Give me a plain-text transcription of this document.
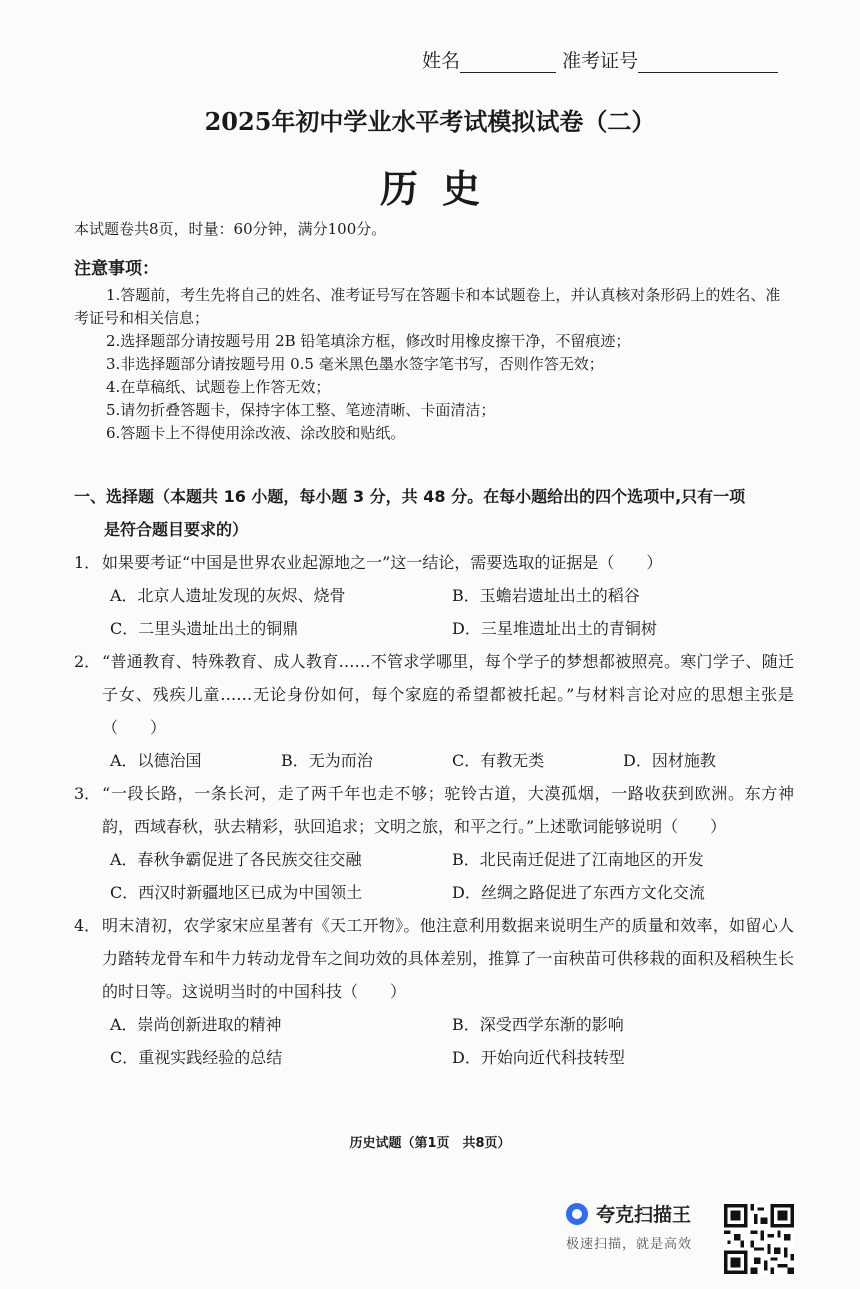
姓名	准考证号
2025年初中学业水平考试模拟试卷（二）
历史
本试题卷共8页，时量：60分钟，满分100分。
注意事项：
1.答题前，考生先将自己的姓名、准考证号写在答题卡和本试题卷上，并认真核对条形码上的姓名、准考证号和相关信息；
2.选择题部分请按题号用 2B 铅笔填涂方框，修改时用橡皮擦干净，不留痕迹；
3.非选择题部分请按题号用 0.5 毫米黑色墨水签字笔书写，否则作答无效；
4.在草稿纸、试题卷上作答无效；
5.请勿折叠答题卡，保持字体工整、笔迹清晰、卡面清洁；
6.答题卡上不得使用涂改液、涂改胶和贴纸。
一、选择题（本题共 16 小题，每小题 3 分，共 48 分。在每小题给出的四个选项中,只有一项
是符合题目要求的）
1． 如果要考证“中国是世界农业起源地之一”这一结论，需要选取的证据是（　　）
A．北京人遗址发现的灰烬、烧骨	B．玉蟾岩遗址出土的稻谷
C．二里头遗址出土的铜鼎	D．三星堆遗址出土的青铜树
2． “普通教育、特殊教育、成人教育……不管求学哪里，每个学子的梦想都被照亮。寒门学子、随迁子女、残疾儿童……无论身份如何，每个家庭的希望都被托起。”与材料言论对应的思想主张是（　　）
A．以德治国	B．无为而治	C．有教无类	D．因材施教
3． “一段长路，一条长河，走了两千年也走不够；驼铃古道，大漠孤烟，一路收获到欧洲。东方神韵，西域春秋，驮去精彩，驮回追求；文明之旅，和平之行。”上述歌词能够说明（　　）
A．春秋争霸促进了各民族交往交融	B．北民南迁促进了江南地区的开发
C．西汉时新疆地区已成为中国领土	D．丝绸之路促进了东西方文化交流
4． 明末清初，农学家宋应星著有《天工开物》。他注意利用数据来说明生产的质量和效率，如留心人力踏转龙骨车和牛力转动龙骨车之间功效的具体差别，推算了一亩秧苗可供移栽的面积及稻秧生长的时日等。这说明当时的中国科技（　　）
A．崇尚创新进取的精神	B．深受西学东渐的影响
C．重视实践经验的总结	D．开始向近代科技转型
历史试题（第1页　共8页）
夸克扫描王
极速扫描，就是高效
